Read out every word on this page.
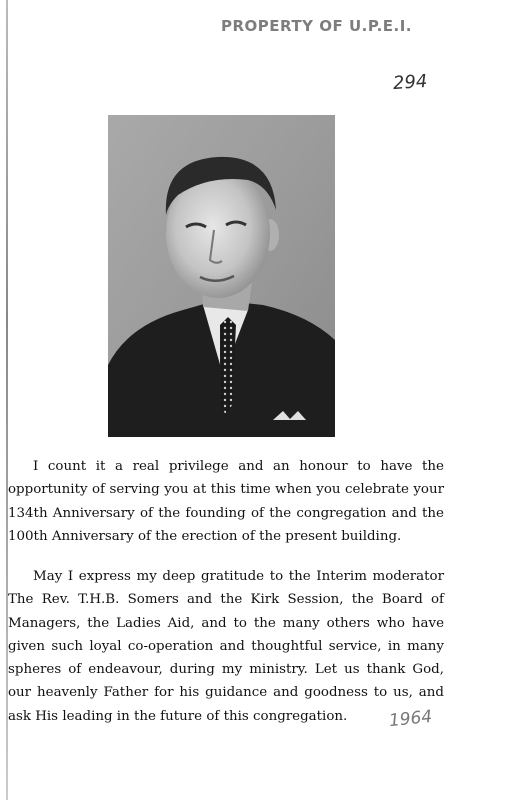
PROPERTY OF U.P.E.I.
294

I count it a real privilege and an honour to have the opportunity of serving you at this time when you celebrate your 134th Anniversary of the founding of the congregation and the 100th Anniversary of the erection of the present building.

May I express my deep gratitude to the Interim moderator The Rev. T.H.B. Somers and the Kirk Session, the Board of Managers, the Ladies Aid, and to the many others who have given such loyal co-operation and thoughtful service, in many spheres of endeavour, during my ministry. Let us thank God, our heavenly Father for his guidance and goodness to us, and ask His leading in the future of this congregation.	1964
